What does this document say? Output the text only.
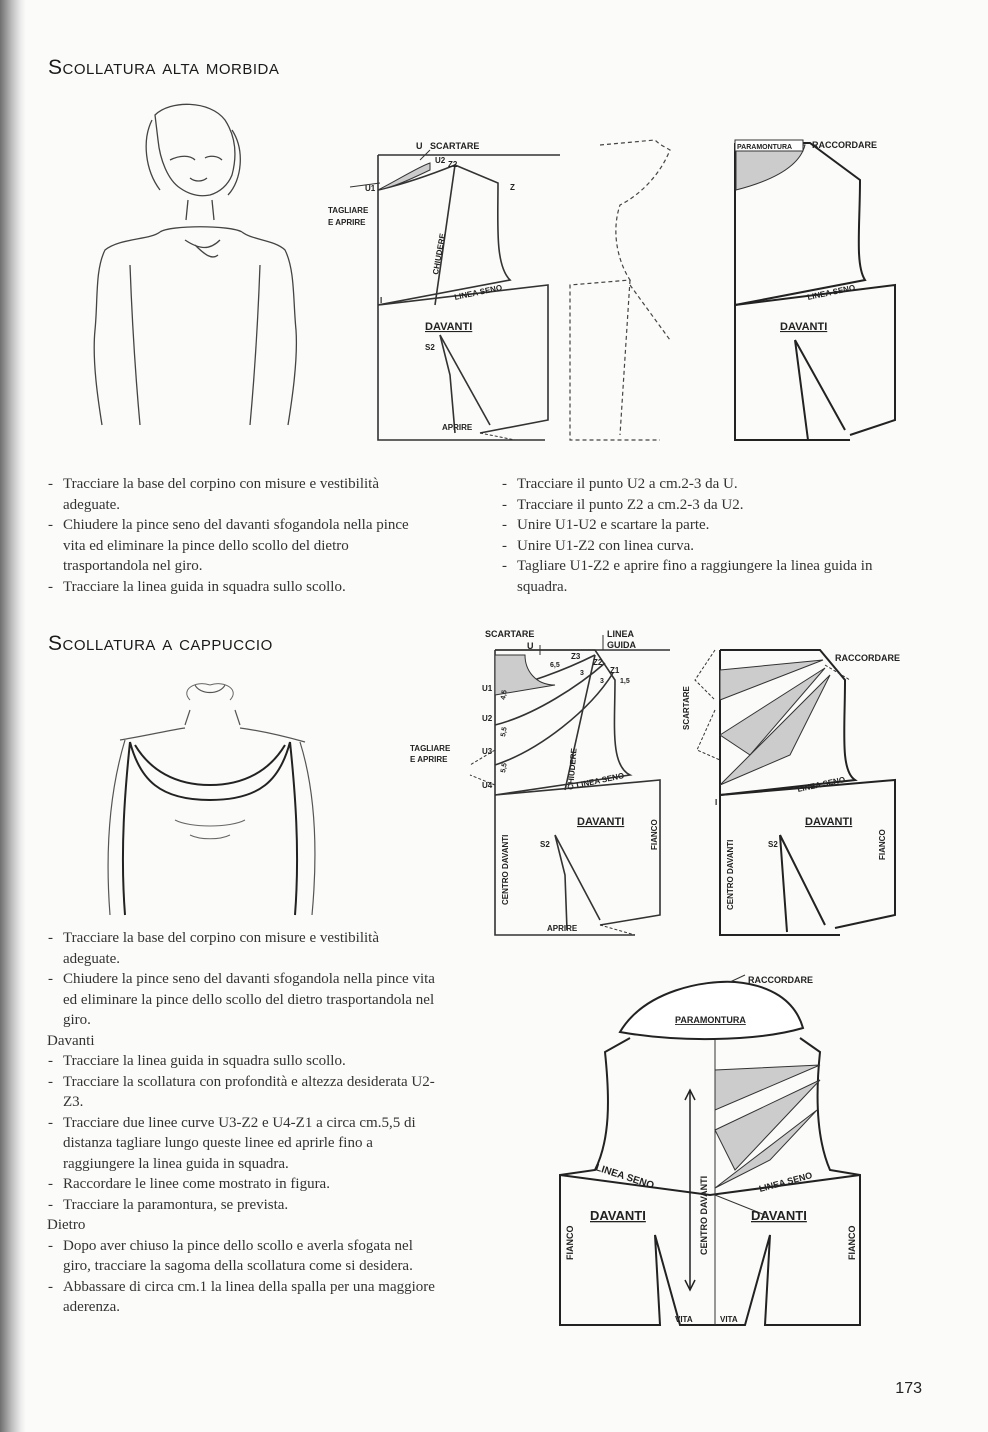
Scollatura alta morbida
U SCARTARE
U2 Z2
Z
U1
TAGLIARE
E APRIRE
CHIUDERE
LINEA SENO
I
DAVANTI
S2
APRIRE
PARAMONTURA RACCORDARE
LINEA SENO
DAVANTI
- Tracciare la base del corpino con misure e vestibilità adeguate.
- Chiudere la pince seno del davanti sfogandola nella pince vita ed eliminare la pince dello scollo del dietro trasportandola nel giro.
- Tracciare la linea guida in squadra sullo scollo.
- Tracciare il punto U2 a cm.2-3 da U.
- Tracciare il punto Z2 a cm.2-3 da U2.
- Unire U1-U2 e scartare la parte.
- Unire U1-Z2 con linea curva.
- Tagliare U1-Z2 e aprire fino a raggiungere la linea guida in squadra.
Scollatura a cappuccio	SCARTARE
U
LINEA
GUIDA
Z3
Z2
Z1
6,5
3
3 1,5
4,5
5,5
5,5
U1
U2
U3
U4
TAGLIARE
E APRIRE	CHIUDERE
LINEA SENO
DAVANTI
CENTRO DAVANTI	FIANCO
S2
APRIRE
RACCORDARE
SCARTARE
I
LINEA SENO
DAVANTI
CENTRO DAVANTI	FIANCO
S2
- Tracciare la base del corpino con misure e vestibilità adeguate.
- Chiudere la pince seno del davanti sfogandola nella pince vita ed eliminare la pince dello scollo del dietro trasportandola nel giro.
Davanti
- Tracciare la linea guida in squadra sullo scollo.
- Tracciare la scollatura con profondità e altezza desiderata U2-Z3.
- Tracciare due linee curve U3-Z2 e U4-Z1 a circa cm.5,5 di distanza tagliare lungo queste linee ed aprirle fino a raggiungere la linea guida in squadra.
- Raccordare le linee come mostrato in figura.
- Tracciare la paramontura, se prevista.
Dietro
- Dopo aver chiuso la pince dello scollo e averla sfogata nel giro, tracciare la sagoma della scollatura come si desidera.
- Abbassare di circa cm.1 la linea della spalla per una maggiore aderenza.
RACCORDARE
PARAMONTURA
LINEA SENO	LINEA SENO
DAVANTI	DAVANTI
CENTRO DAVANTI
FIANCO	FIANCO
VITA	VITA
173
